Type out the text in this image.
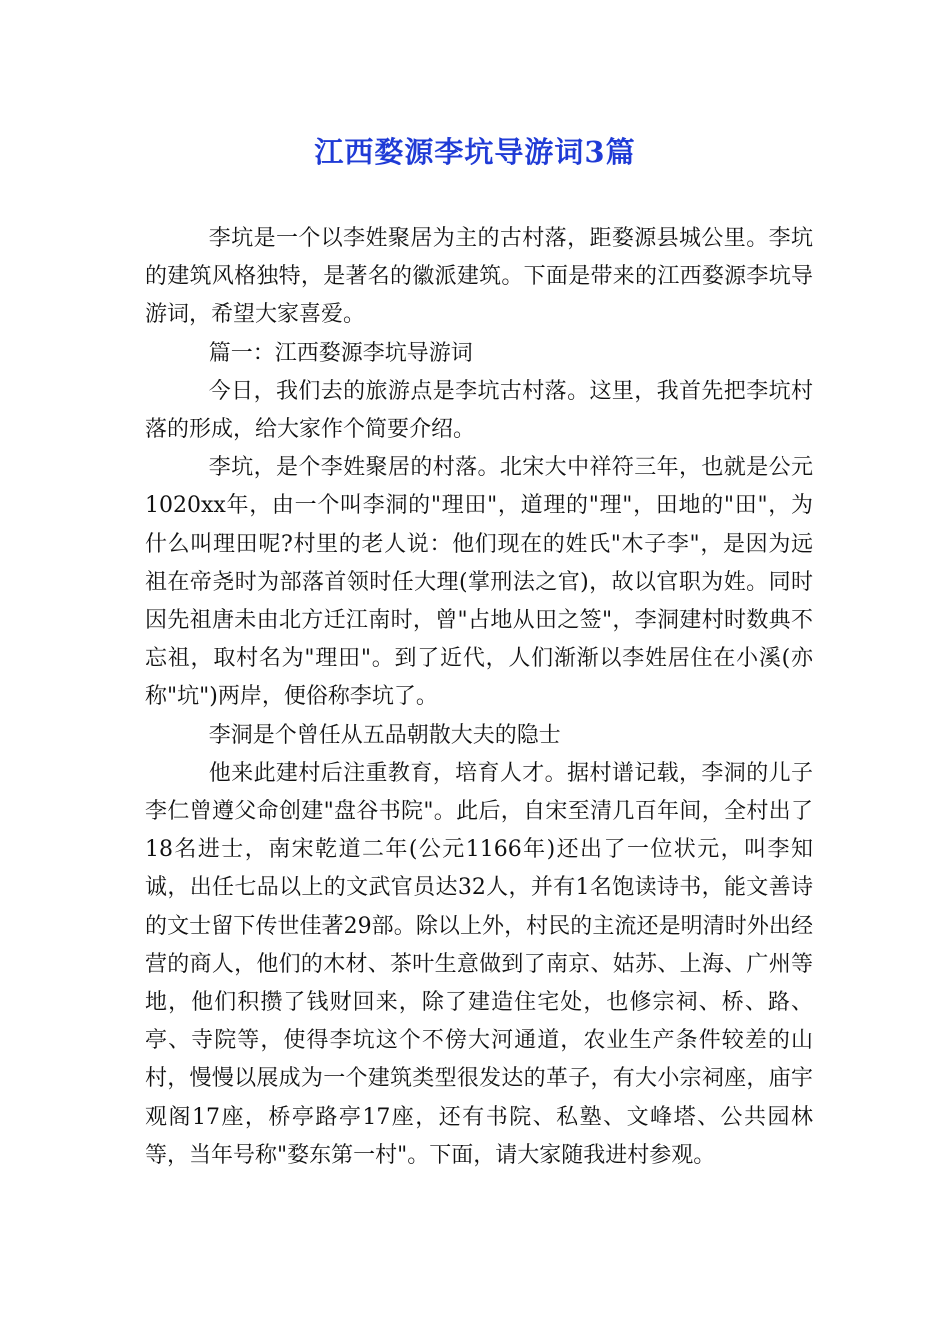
江西婺源李坑导游词3篇

李坑是一个以李姓聚居为主的古村落，距婺源县城公里。李坑的建筑风格独特，是著名的徽派建筑。下面是带来的江西婺源李坑导游词，希望大家喜爱。

篇一：江西婺源李坑导游词

今日，我们去的旅游点是李坑古村落。这里，我首先把李坑村落的形成，给大家作个简要介绍。

李坑，是个李姓聚居的村落。北宋大中祥符三年，也就是公元1020xx年，由一个叫李洞的"理田"，道理的"理"，田地的"田"，为什么叫理田呢?村里的老人说：他们现在的姓氏"木子李"，是因为远祖在帝尧时为部落首领时任大理(掌刑法之官)，故以官职为姓。同时因先祖唐未由北方迁江南时，曾"占地从田之签"，李洞建村时数典不忘祖，取村名为"理田"。到了近代，人们渐渐以李姓居住在小溪(亦称"坑")两岸，便俗称李坑了。

李洞是个曾任从五品朝散大夫的隐士

他来此建村后注重教育，培育人才。据村谱记载，李洞的儿子李仁曾遵父命创建"盘谷书院"。此后，自宋至清几百年间，全村出了18名进士，南宋乾道二年(公元1166年)还出了一位状元，叫李知诚，出任七品以上的文武官员达32人，并有1名饱读诗书，能文善诗的文士留下传世佳著29部。除以上外，村民的主流还是明清时外出经营的商人，他们的木材、茶叶生意做到了南京、姑苏、上海、广州等地，他们积攒了钱财回来，除了建造住宅处，也修宗祠、桥、路、亭、寺院等，使得李坑这个不傍大河通道，农业生产条件较差的山村，慢慢以展成为一个建筑类型很发达的革子，有大小宗祠座，庙宇观阁17座，桥亭路亭17座，还有书院、私塾、文峰塔、公共园林等，当年号称"婺东第一村"。下面，请大家随我进村参观。
